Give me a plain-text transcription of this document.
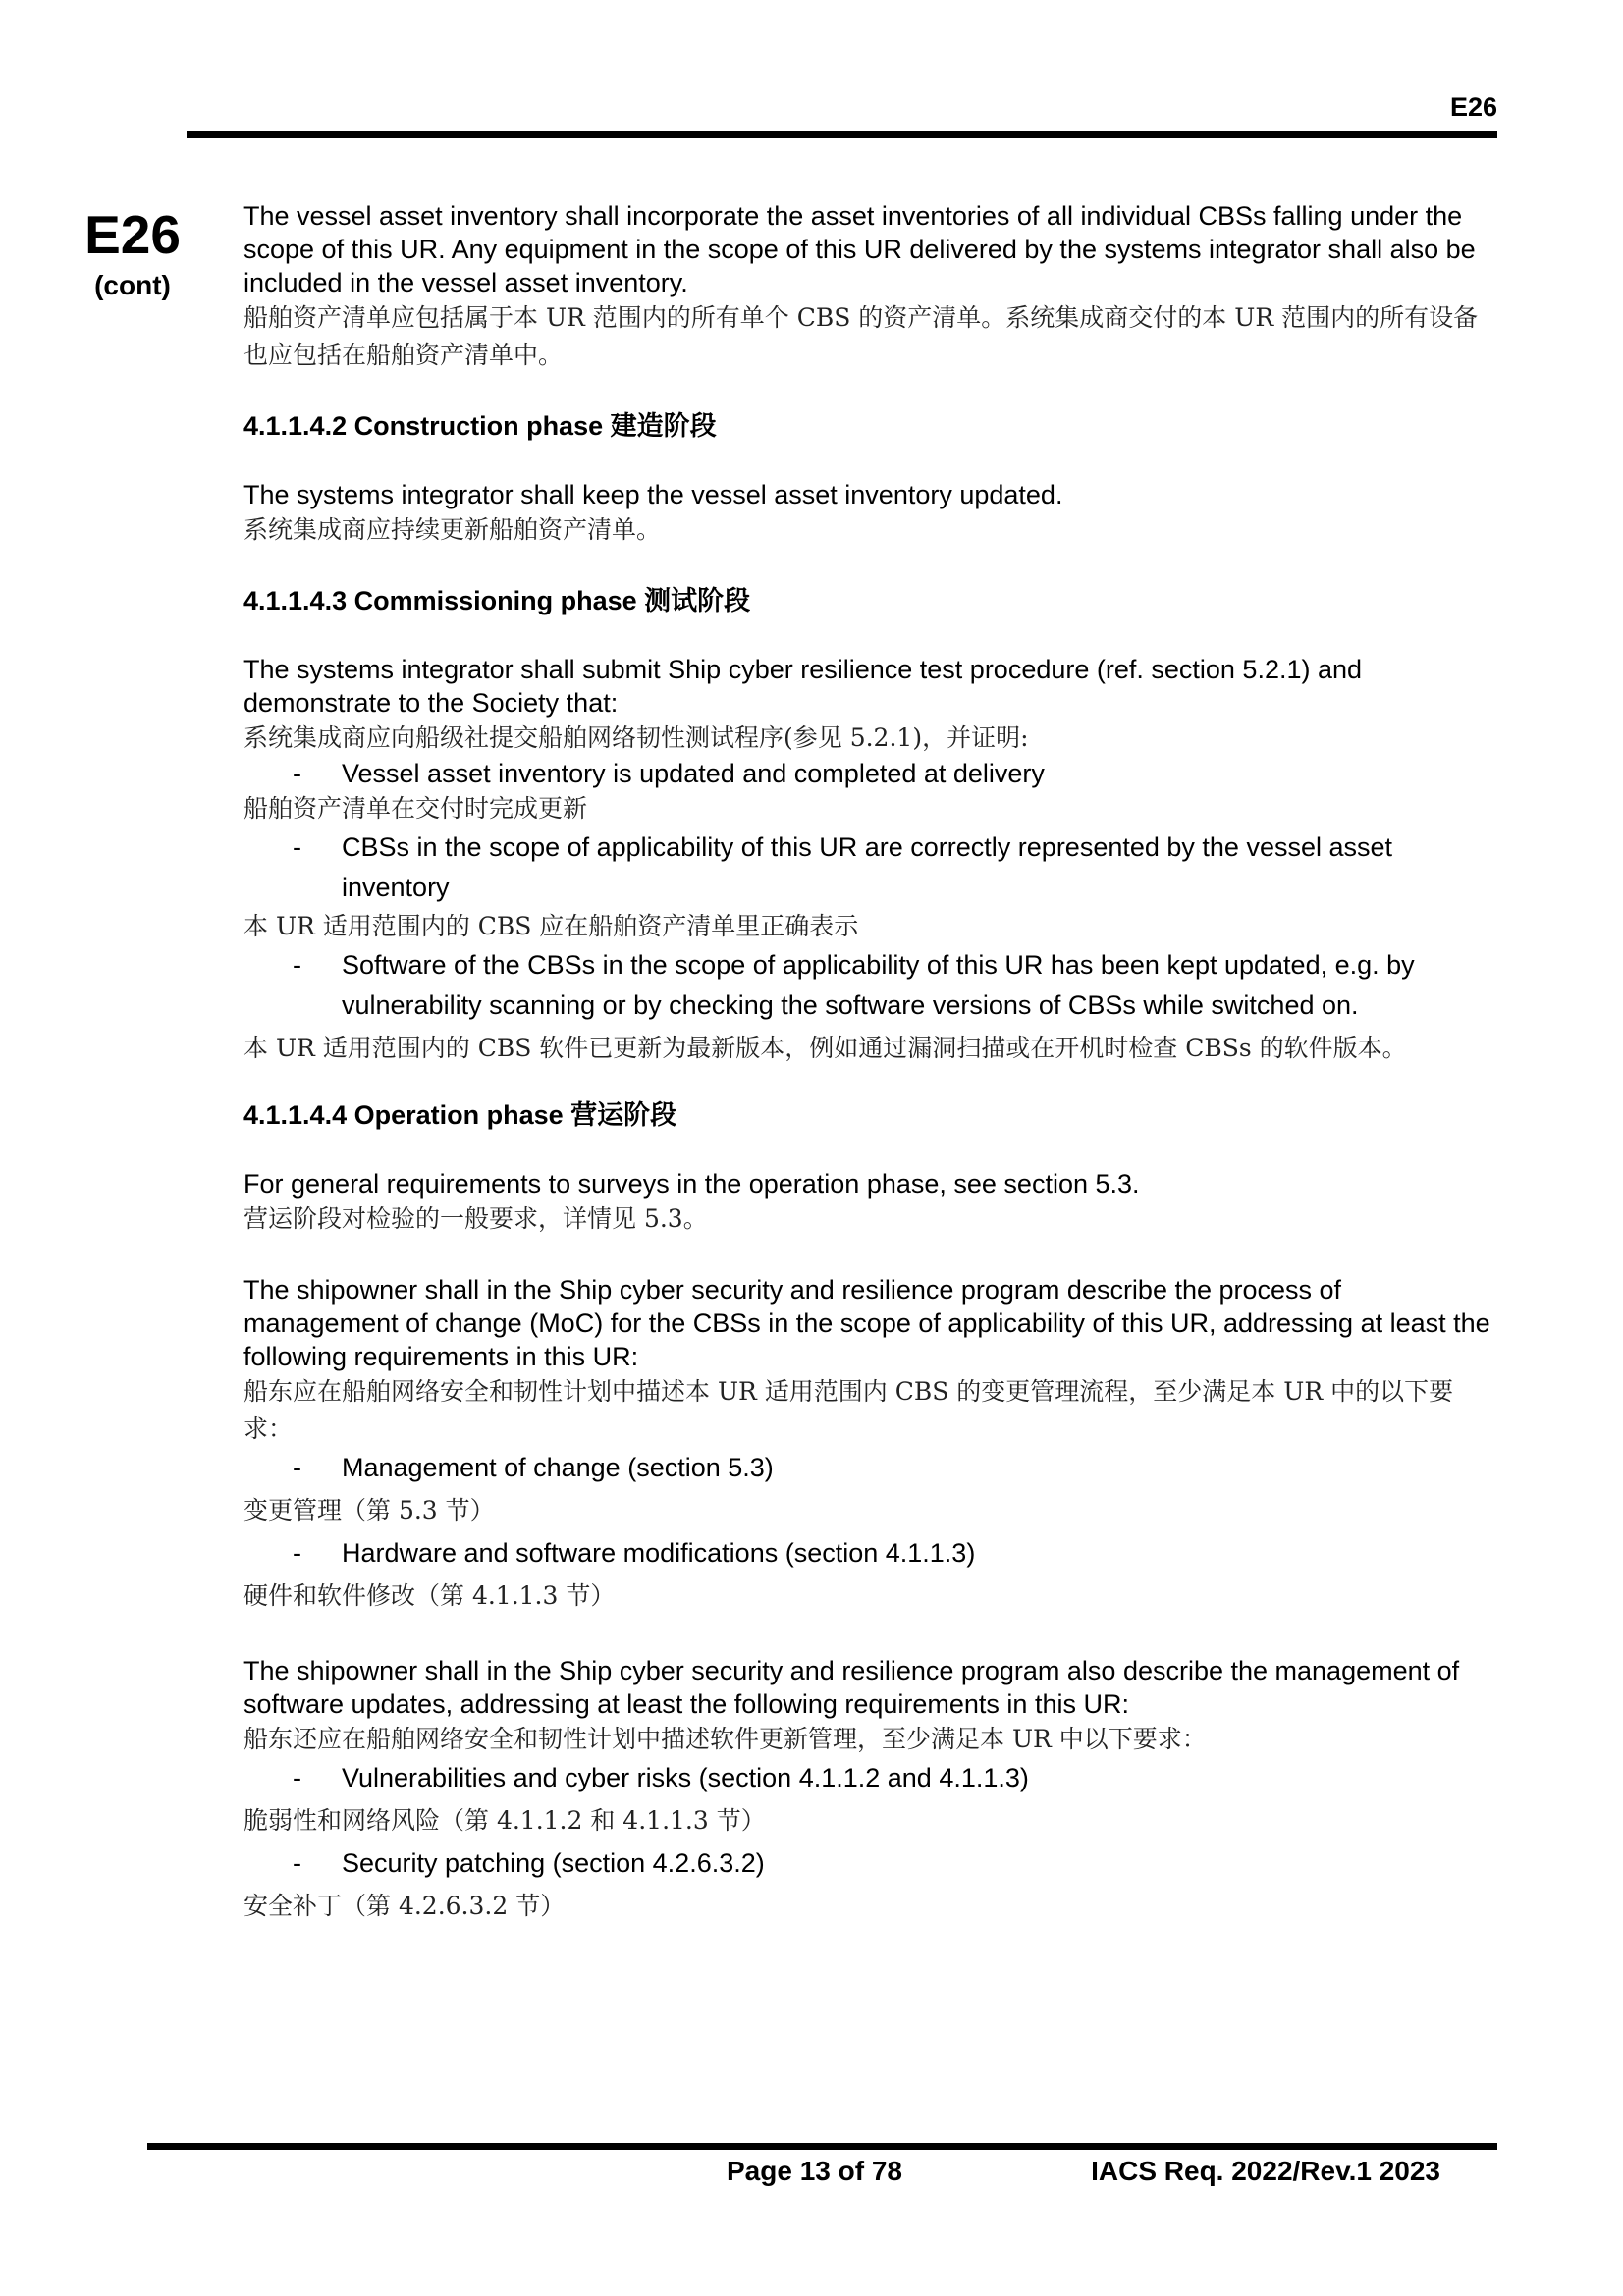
E26
E26
(cont)

The vessel asset inventory shall incorporate the asset inventories of all individual CBSs falling under the scope of this UR. Any equipment in the scope of this UR delivered by the systems integrator shall also be included in the vessel asset inventory.

船舶资产清单应包括属于本 UR 范围内的所有单个 CBS 的资产清单。系统集成商交付的本 UR 范围内的所有设备也应包括在船舶资产清单中。

4.1.1.4.2 Construction phase 建造阶段

The systems integrator shall keep the vessel asset inventory updated.

系统集成商应持续更新船舶资产清单。

4.1.1.4.3 Commissioning phase 测试阶段

The systems integrator shall submit Ship cyber resilience test procedure (ref. section 5.2.1) and demonstrate to the Society that:

系统集成商应向船级社提交船舶网络韧性测试程序(参见 5.2.1)，并证明:

- Vessel asset inventory is updated and completed at delivery

船舶资产清单在交付时完成更新

- CBSs in the scope of applicability of this UR are correctly represented by the vessel asset inventory

本 UR 适用范围内的 CBS 应在船舶资产清单里正确表示

- Software of the CBSs in the scope of applicability of this UR has been kept updated, e.g. by vulnerability scanning or by checking the software versions of CBSs while switched on.

本 UR 适用范围内的 CBS 软件已更新为最新版本，例如通过漏洞扫描或在开机时检查 CBSs 的软件版本。

4.1.1.4.4 Operation phase 营运阶段

For general requirements to surveys in the operation phase, see section 5.3.

营运阶段对检验的一般要求，详情见 5.3。

The shipowner shall in the Ship cyber security and resilience program describe the process of management of change (MoC) for the CBSs in the scope of applicability of this UR, addressing at least the following requirements in this UR:

船东应在船舶网络安全和韧性计划中描述本 UR 适用范围内 CBS 的变更管理流程，至少满足本 UR 中的以下要求：

- Management of change (section 5.3)

变更管理（第 5.3 节）

- Hardware and software modifications (section 4.1.1.3)

硬件和软件修改（第 4.1.1.3 节）

The shipowner shall in the Ship cyber security and resilience program also describe the management of software updates, addressing at least the following requirements in this UR:

船东还应在船舶网络安全和韧性计划中描述软件更新管理，至少满足本 UR 中以下要求：

- Vulnerabilities and cyber risks (section 4.1.1.2 and 4.1.1.3)

脆弱性和网络风险（第 4.1.1.2 和 4.1.1.3 节）

- Security patching (section 4.2.6.3.2)

安全补丁（第 4.2.6.3.2 节）

Page 13 of 78	IACS Req. 2022/Rev.1 2023
